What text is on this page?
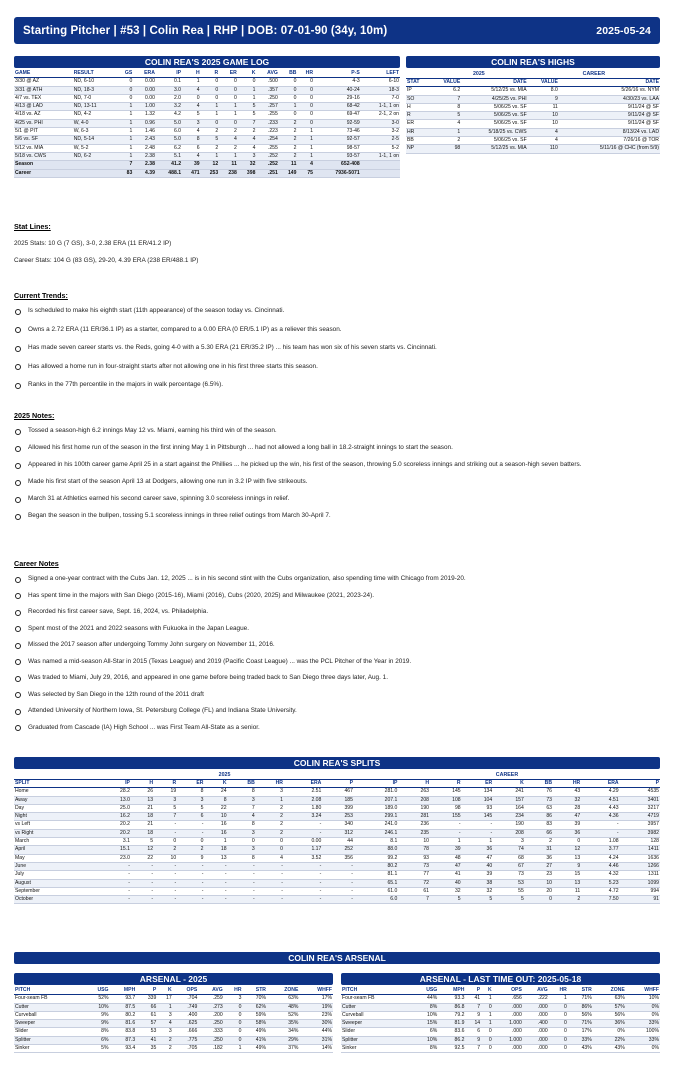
Starting Pitcher | #53 | Colin Rea | RHP | DOB: 07-01-90 (34y, 10m)	2025-05-24
COLIN REA'S 2025 GAME LOG
GAME	RESULT	GS	ERA	IP	H	R	ER	K	AVG	BB	HR	P-S	LEFT
3/30 @ AZ	ND, 6-10	0	0.00	0.1	1	0	0	0	.500	0	0	4-3	6-10
3/31 @ ATH	ND, 18-3	0	0.00	3.0	4	0	0	1	.357	0	0	40-24	18-3
4/7 vs. TEX	ND, 7-0	0	0.00	2.0	0	0	0	1	.250	0	0	29-16	7-0
4/13 @ LAD	ND, 13-11	1	1.00	3.2	4	1	1	5	.257	1	0	68-42	1-1, 1 on
4/18 vs. AZ	ND, 4-2	1	1.32	4.2	5	1	1	5	.255	0	0	69-47	2-1, 2 on
4/25 vs. PHI	W, 4-0	1	0.96	5.0	3	0	0	7	.233	2	0	92-59	3-0
5/1 @ PIT	W, 6-3	1	1.46	6.0	4	2	2	2	.223	2	1	73-46	3-2
5/6 vs. SF	ND, 5-14	1	2.43	5.0	8	5	4	4	.254	2	1	92-57	2-5
5/12 vs. MIA	W, 5-2	1	2.48	6.2	6	2	2	4	.255	2	1	98-57	5-2
5/18 vs. CWS	ND, 6-2	1	2.38	5.1	4	1	1	3	.252	2	1	93-57	1-1, 1 on
Season		7	2.38	41.2	39	12	11	32	.252	11	4	652-408	
Career		83	4.39	488.1	471	253	238	398	.251	149	75	7936-5071	
COLIN REA'S HIGHS
	2025		CAREER	
STAT	VALUE	DATE	VALUE	DATE
IP	6.2	5/12/25 vs. MIA	8.0	5/26/16 vs. NYM
SO	7	4/25/25 vs. PHI	9	4/30/23 vs. LAA
H	8	5/06/25 vs. SF	11	9/11/24 @ SF
R	5	5/06/25 vs. SF	10	9/11/24 @ SF
ER	4	5/06/25 vs. SF	10	9/11/24 @ SF
HR	1	5/18/25 vs. CWS	4	8/13/24 vs. LAD
BB	2	5/06/25 vs. SF	4	7/26/16 @ TOR
NP	98	5/12/25 vs. MIA	110	5/11/16 @ CHC (from 5/9)
Stat Lines:
2025 Stats: 10 G (7 GS), 3-0, 2.38 ERA (11 ER/41.2 IP)
Career Stats: 104 G (83 GS), 29-20, 4.39 ERA (238 ER/488.1 IP)
Current Trends:
Is scheduled to make his eighth start (11th appearance) of the season today vs. Cincinnati.
Owns a 2.72 ERA (11 ER/36.1 IP) as a starter, compared to a 0.00 ERA (0 ER/5.1 IP) as a reliever this season.
Has made seven career starts vs. the Reds, going 4-0 with a 5.30 ERA (21 ER/35.2 IP) ... his team has won six of his seven starts vs. Cincinnati.
Has allowed a home run in four-straight starts after not allowing one in his first three starts this season.
Ranks in the 77th percentile in the majors in walk percentage (6.5%).
2025 Notes:
Tossed a season-high 6.2 innings May 12 vs. Miami, earning his third win of the season.
Allowed his first home run of the season in the first inning May 1 in Pittsburgh ... had not allowed a long ball in 18.2-straight innings to start the season.
Appeared in his 100th career game April 25 in a start against the Phillies ... he picked up the win, his first of the season, throwing 5.0 scoreless innings and striking out a season-high seven batters.
Made his first start of the season April 13 at Dodgers, allowing one run in 3.2 IP with five strikeouts.
March 31 at Athletics earned his second career save, spinning 3.0 scoreless innings in relief.
Began the season in the bullpen, tossing 5.1 scoreless innings in three relief outings from March 30-April 7.
Career Notes
Signed a one-year contract with the Cubs Jan. 12, 2025 ... is in his second stint with the Cubs organization, also spending time with Chicago from 2019-20.
Has spent time in the majors with San Diego (2015-16), Miami (2016), Cubs (2020, 2025) and Milwaukee (2021, 2023-24).
Recorded his first career save, Sept. 16, 2024, vs. Philadelphia.
Spent most of the 2021 and 2022 seasons with Fukuoka in the Japan League.
Missed the 2017 season after undergoing Tommy John surgery on November 11, 2016.
Was named a mid-season All-Star in 2015 (Texas League) and 2019 (Pacific Coast League) ... was the PCL Pitcher of the Year in 2019.
Was traded to Miami, July 29, 2016, and appeared in one game before being traded back to San Diego three days later, Aug. 1.
Was selected by San Diego in the 12th round of the 2011 draft
Attended University of Northern Iowa, St. Petersburg College (FL) and Indiana State University.
Graduated from Cascade (IA) High School ... was First Team All-State as a senior.
COLIN REA'S SPLITS
	2025									CAREER								
SPLIT	IP	H	R	ER	K	BB	HR	ERA	P	IP	H	R	ER	K	BB	HR	ERA	P
Home	28.2	26	19	8	24	8	3	2.51	467	281.0	263	145	134	241	76	43	4.29	4535
Away	13.0	13	3	3	8	3	1	2.08	185	207.1	208	108	104	157	73	32	4.51	3401
Day	25.0	21	5	5	22	7	2	1.80	399	189.0	190	98	93	164	63	28	4.43	3217
Night	16.2	18	7	6	10	4	2	3.24	253	299.1	281	155	145	234	86	47	4.36	4719
vs Left	20.2	21	-	-	16	8	2	-	340	241.0	236	-	-	190	83	39	-	3957
vs Right	20.2	18	-	-	16	3	2	-	312	246.1	235	-	-	208	66	36	-	3982
March	3.1	5	0	0	1	0	0	0.00	44	8.1	10	1	1	3	2	0	1.08	128
April	15.1	12	2	2	18	3	0	1.17	252	88.0	78	39	36	74	31	12	3.77	1411
May	23.0	22	10	9	13	8	4	3.52	356	99.2	93	48	47	68	36	13	4.24	1636
June	-	-	-	-	-	-	-	-	-	80.2	73	47	40	67	27	9	4.46	1266
July	-	-	-	-	-	-	-	-	-	81.1	77	41	39	73	23	15	4.32	1311
August	-	-	-	-	-	-	-	-	-	65.1	72	40	38	53	10	13	5.23	1099
September	-	-	-	-	-	-	-	-	-	61.0	61	32	32	55	20	11	4.72	994
October	-	-	-	-	-	-	-	-	-	6.0	7	5	5	5	0	2	7.50	91
COLIN REA'S ARSENAL
ARSENAL - 2025
PITCH	USG	MPH	P	K	OPS	AVG	HR	STR	ZONE	WHFF
Four-seam FB	52%	93.7	339	17	.704	.259	3	70%	63%	17%
Cutter	10%	87.5	66	1	.749	.273	0	62%	48%	19%
Curveball	9%	80.2	61	3	.400	.200	0	59%	52%	23%
Sweeper	9%	81.6	57	4	.625	.250	0	58%	35%	30%
Slider	8%	83.8	53	3	.666	.333	0	49%	34%	44%
Splitter	6%	87.3	41	2	.775	.250	0	41%	29%	31%
Sinker	5%	93.4	35	2	.705	.182	1	49%	37%	14%
ARSENAL - LAST TIME OUT: 2025-05-18
PITCH	USG	MPH	P	K	OPS	AVG	HR	STR	ZONE	WHFF
Four-seam FB	44%	93.3	41	1	.656	.222	1	71%	63%	10%
Cutter	8%	86.8	7	0	.000	.000	0	86%	57%	0%
Curveball	10%	79.2	9	1	.000	.000	0	56%	56%	0%
Sweeper	15%	81.9	14	1	1.000	.400	0	71%	36%	33%
Slider	6%	83.6	6	0	.000	.000	0	17%	0%	100%
Splitter	10%	86.2	9	0	1.000	.000	0	33%	22%	33%
Sinker	8%	92.5	7	0	.000	.000	0	43%	43%	0%
